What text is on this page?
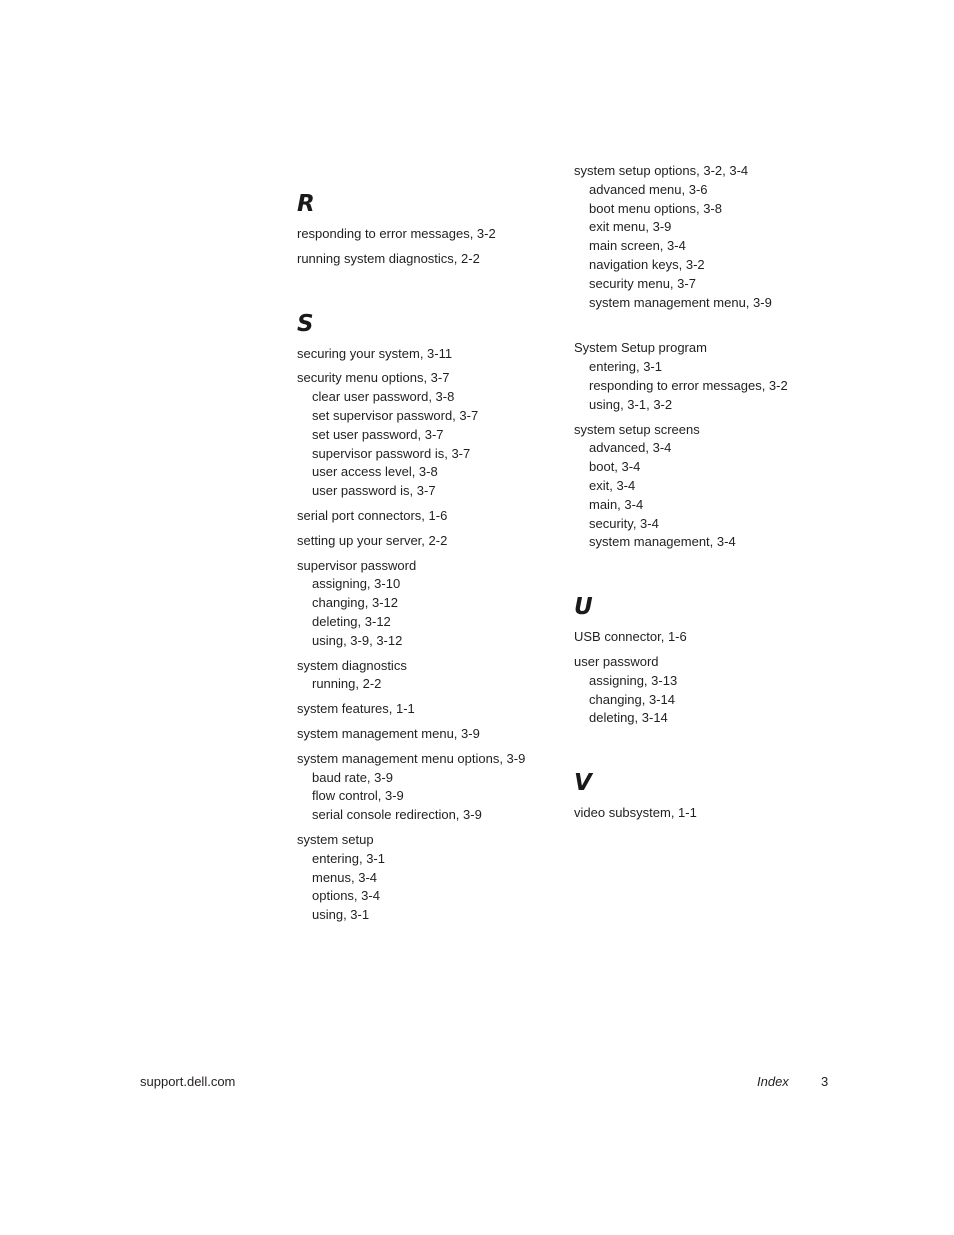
R
responding to error messages, 3-2
running system diagnostics, 2-2
S
securing your system, 3-11
security menu options, 3-7
clear user password, 3-8
set supervisor password, 3-7
set user password, 3-7
supervisor password is, 3-7
user access level, 3-8
user password is, 3-7
serial port connectors, 1-6
setting up your server, 2-2
supervisor password
assigning, 3-10
changing, 3-12
deleting, 3-12
using, 3-9, 3-12
system diagnostics
running, 2-2
system features, 1-1
system management menu, 3-9
system management menu options, 3-9
baud rate, 3-9
flow control, 3-9
serial console redirection, 3-9
system setup
entering, 3-1
menus, 3-4
options, 3-4
using, 3-1
system setup options, 3-2, 3-4
advanced menu, 3-6
boot menu options, 3-8
exit menu, 3-9
main screen, 3-4
navigation keys, 3-2
security menu, 3-7
system management menu, 3-9
System Setup program
entering, 3-1
responding to error messages, 3-2
using, 3-1, 3-2
system setup screens
advanced, 3-4
boot, 3-4
exit, 3-4
main, 3-4
security, 3-4
system management, 3-4
U
USB connector, 1-6
user password
assigning, 3-13
changing, 3-14
deleting, 3-14
V
video subsystem, 1-1
support.dell.com	Index 3
